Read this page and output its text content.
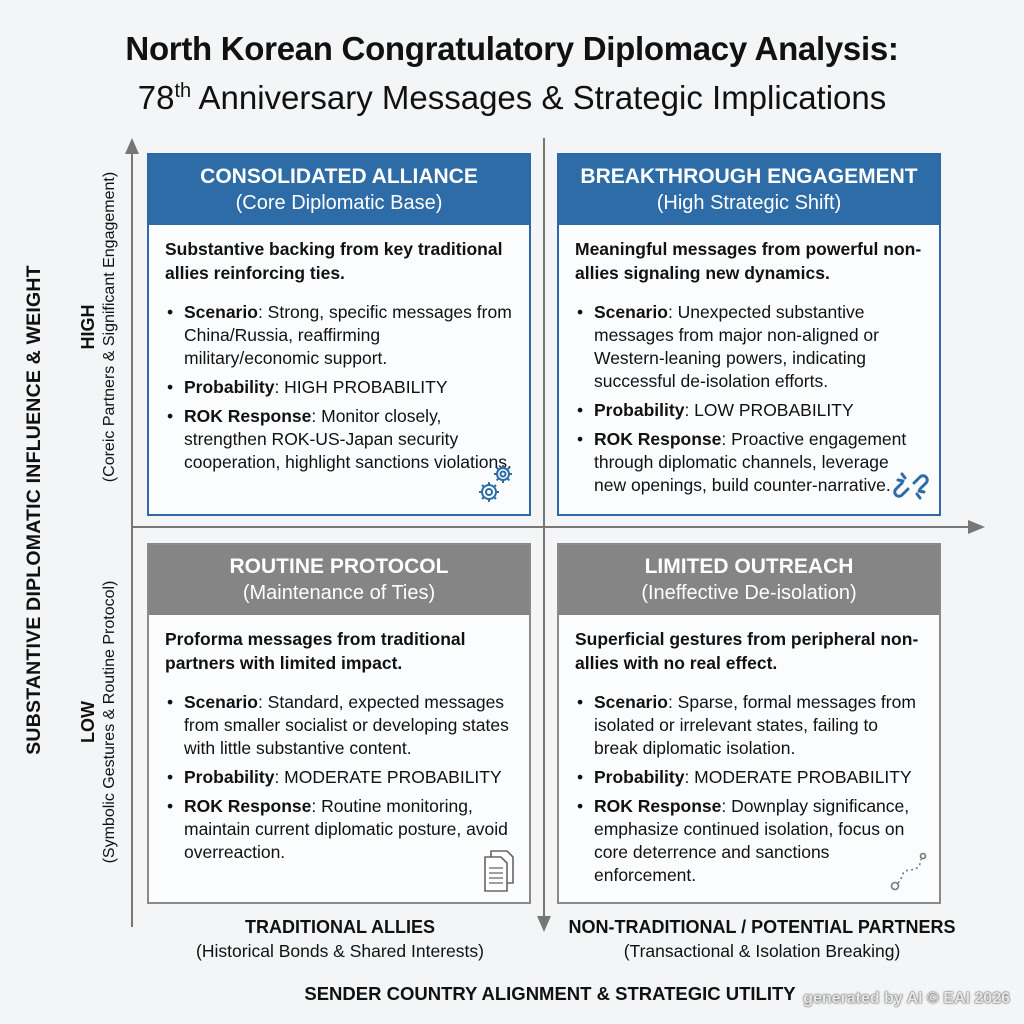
North Korean Congratulatory Diplomacy Analysis:
78th Anniversary Messages & Strategic Implications
SUBSTANTIVE DIPLOMATIC INFLUENCE & WEIGHT HIGH (Coreic Partners & Significant Engagement)
LOW (Symbolic Gestures & Routine Protocol)
CONSOLIDATED ALLIANCE
(Core Diplomatic Base)
Substantive backing from key traditional allies reinforcing ties.
• Scenario: Strong, specific messages from China/Russia, reaffirming military/economic support.
• Probability: HIGH PROBABILITY
• ROK Response: Monitor closely, strengthen ROK-US-Japan security cooperation, highlight sanctions violations.
BREAKTHROUGH ENGAGEMENT
(High Strategic Shift)
Meaningful messages from powerful non-allies signaling new dynamics.
• Scenario: Unexpected substantive messages from major non-aligned or Western-leaning powers, indicating successful de-isolation efforts.
• Probability: LOW PROBABILITY
• ROK Response: Proactive engagement through diplomatic channels, leverage new openings, build counter-narrative.
ROUTINE PROTOCOL
(Maintenance of Ties)
Proforma messages from traditional partners with limited impact.
• Scenario: Standard, expected messages from smaller socialist or developing states with little substantive content.
• Probability: MODERATE PROBABILITY
• ROK Response: Routine monitoring, maintain current diplomatic posture, avoid overreaction.
LIMITED OUTREACH
(Ineffective De-isolation)
Superficial gestures from peripheral non-allies with no real effect.
• Scenario: Sparse, formal messages from isolated or irrelevant states, failing to break diplomatic isolation.
• Probability: MODERATE PROBABILITY
• ROK Response: Downplay significance, emphasize continued isolation, focus on core deterrence and sanctions enforcement.
TRADITIONAL ALLIES
(Historical Bonds & Shared Interests)
NON-TRADITIONAL / POTENTIAL PARTNERS
(Transactional & Isolation Breaking)
SENDER COUNTRY ALIGNMENT & STRATEGIC UTILITY generated by AI © EAI 2026
